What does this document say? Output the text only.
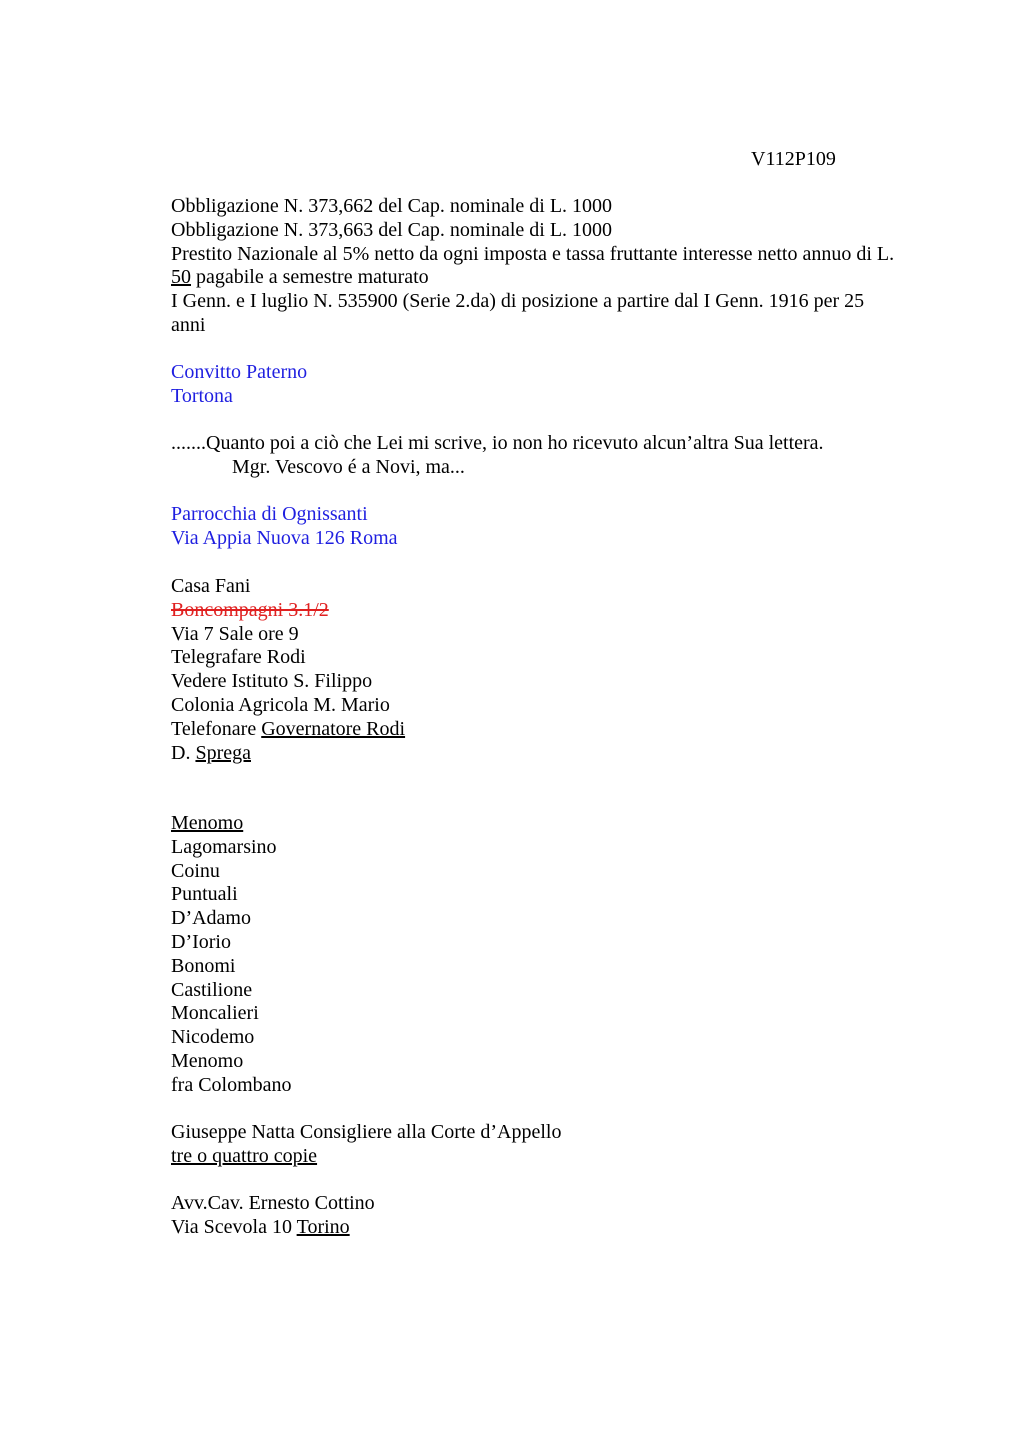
V112P109
Obbligazione N. 373,662 del Cap. nominale di L. 1000
Obbligazione N. 373,663 del Cap. nominale di L. 1000
Prestito Nazionale al 5% netto da ogni imposta e tassa fruttante interesse netto annuo di L.
50 pagabile a semestre maturato
I Genn. e I luglio N. 535900 (Serie 2.da) di posizione a partire dal I Genn. 1916 per 25
anni
Convitto Paterno
Tortona
.......Quanto poi a ciò che Lei mi scrive, io non ho ricevuto alcun’altra Sua lettera.
Mgr. Vescovo é a Novi, ma...
Parrocchia di Ognissanti
Via Appia Nuova 126 Roma
Casa Fani
Boncompagni 3.1/2
Via 7 Sale ore 9
Telegrafare Rodi
Vedere Istituto S. Filippo
Colonia Agricola M. Mario
Telefonare Governatore Rodi
D. Sprega
Menomo
Lagomarsino
Coinu
Puntuali
D’Adamo
D’Iorio
Bonomi
Castilione
Moncalieri
Nicodemo
Menomo
fra Colombano
Giuseppe Natta Consigliere alla Corte d’Appello
tre o quattro copie
Avv.Cav. Ernesto Cottino
Via Scevola 10 Torino
